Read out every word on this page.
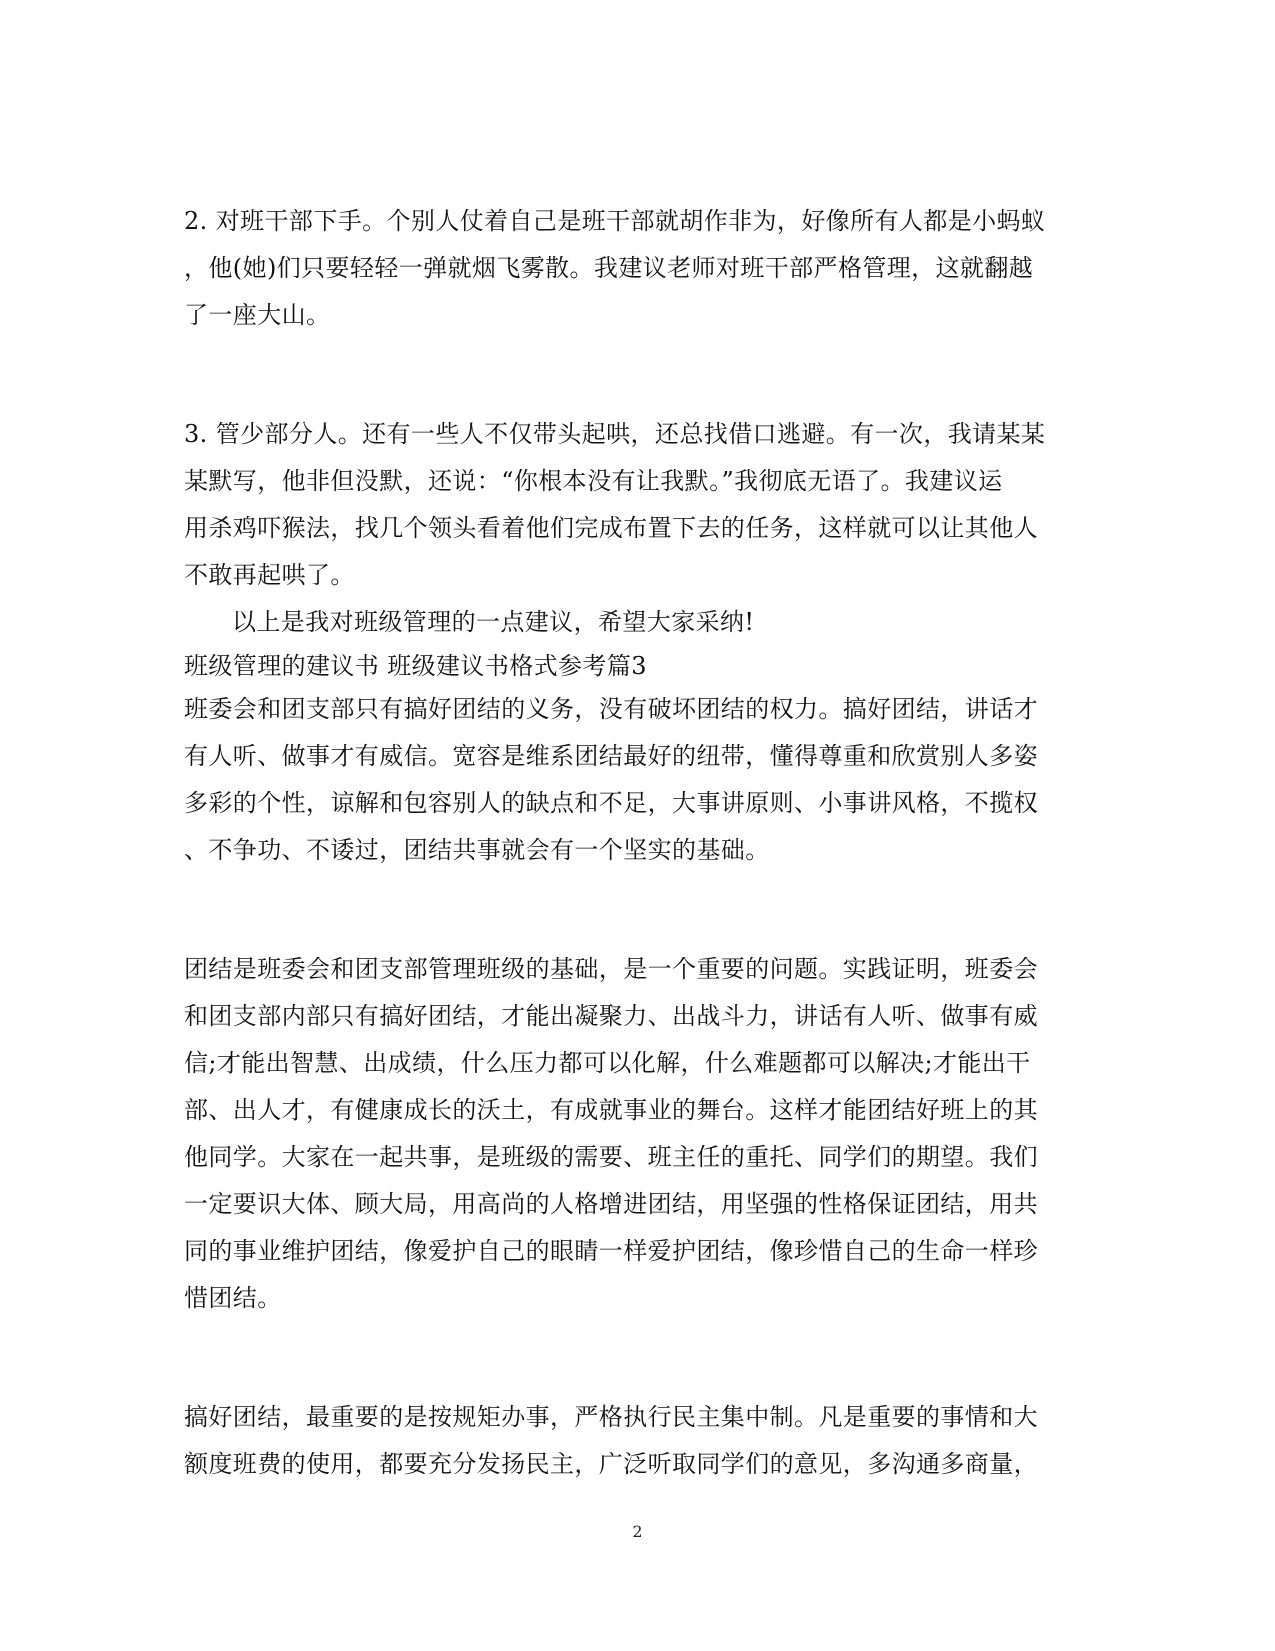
2. 对班干部下手。个别人仗着自己是班干部就胡作非为，好像所有人都是小蚂蚁
，他(她)们只要轻轻一弹就烟飞雾散。我建议老师对班干部严格管理，这就翻越
了一座大山。
3. 管少部分人。还有一些人不仅带头起哄，还总找借口逃避。有一次，我请某某
某默写，他非但没默，还说：“你根本没有让我默。”我彻底无语了。我建议运
用杀鸡吓猴法，找几个领头看着他们完成布置下去的任务，这样就可以让其他人
不敢再起哄了。
以上是我对班级管理的一点建议，希望大家采纳!
班级管理的建议书 班级建议书格式参考篇3
班委会和团支部只有搞好团结的义务，没有破坏团结的权力。搞好团结，讲话才
有人听、做事才有威信。宽容是维系团结最好的纽带，懂得尊重和欣赏别人多姿
多彩的个性，谅解和包容别人的缺点和不足，大事讲原则、小事讲风格，不揽权
、不争功、不诿过，团结共事就会有一个坚实的基础。
团结是班委会和团支部管理班级的基础，是一个重要的问题。实践证明，班委会
和团支部内部只有搞好团结，才能出凝聚力、出战斗力，讲话有人听、做事有威
信;才能出智慧、出成绩，什么压力都可以化解，什么难题都可以解决;才能出干
部、出人才，有健康成长的沃土，有成就事业的舞台。这样才能团结好班上的其
他同学。大家在一起共事，是班级的需要、班主任的重托、同学们的期望。我们
一定要识大体、顾大局，用高尚的人格增进团结，用坚强的性格保证团结，用共
同的事业维护团结，像爱护自己的眼睛一样爱护团结，像珍惜自己的生命一样珍
惜团结。
搞好团结，最重要的是按规矩办事，严格执行民主集中制。凡是重要的事情和大
额度班费的使用，都要充分发扬民主，广泛听取同学们的意见，多沟通多商量，
2
